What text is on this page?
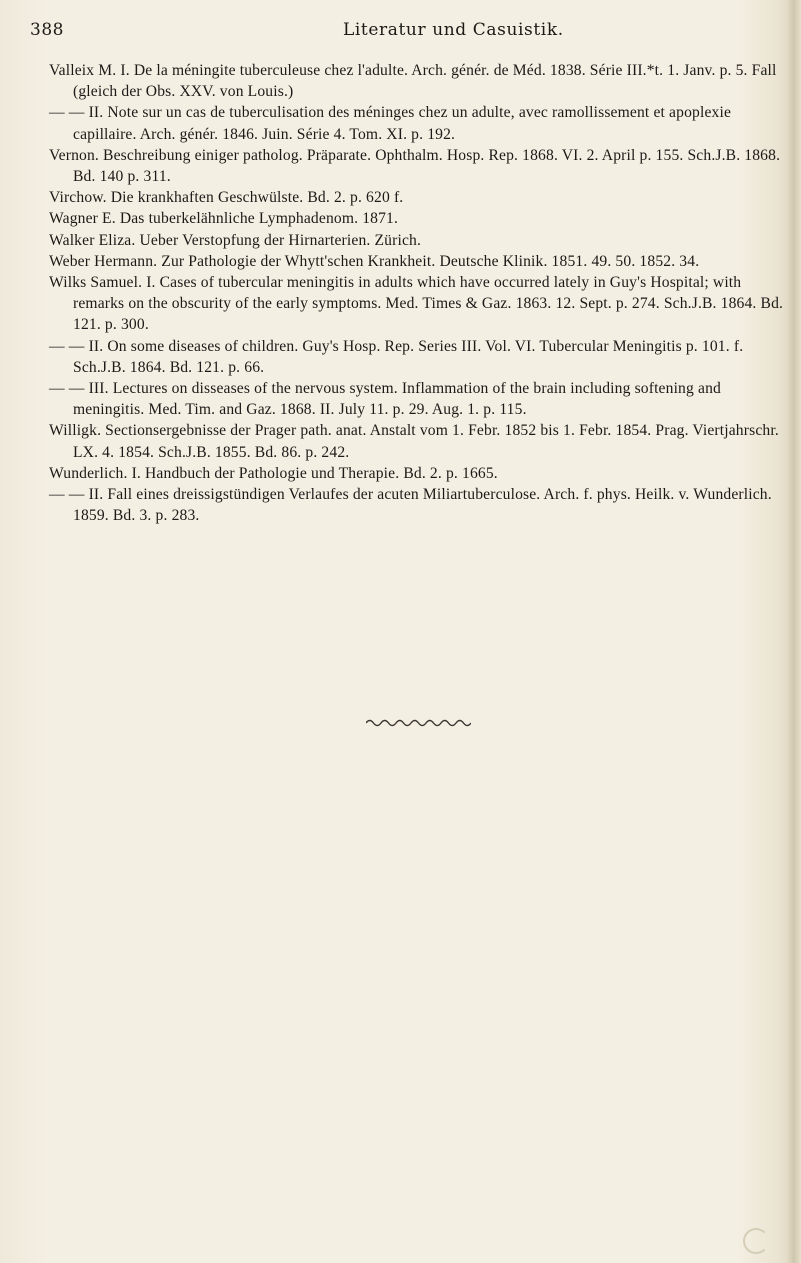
388	Literatur und Casuistik.

Valleix M. I. De la méningite tuberculeuse chez l'adulte. Arch. génér. de Méd. 1838. Série III.*t. 1. Janv. p. 5. Fall (gleich der Obs. XXV. von Louis.)

— — II. Note sur un cas de tuberculisation des méninges chez un adulte, avec ramollissement et apoplexie capillaire. Arch. génér. 1846. Juin. Série 4. Tom. XI. p. 192.

Vernon. Beschreibung einiger patholog. Präparate. Ophthalm. Hosp. Rep. 1868. VI. 2. April p. 155. Sch.J.B. 1868. Bd. 140 p. 311.

Virchow. Die krankhaften Geschwülste. Bd. 2. p. 620 f.

Wagner E. Das tuberkelähnliche Lymphadenom. 1871.

Walker Eliza. Ueber Verstopfung der Hirnarterien. Zürich.

Weber Hermann. Zur Pathologie der Whytt'schen Krankheit. Deutsche Klinik. 1851. 49. 50. 1852. 34.

Wilks Samuel. I. Cases of tubercular meningitis in adults which have occurred lately in Guy's Hospital; with remarks on the obscurity of the early symptoms. Med. Times & Gaz. 1863. 12. Sept. p. 274. Sch.J.B. 1864. Bd. 121. p. 300.

— — II. On some diseases of children. Guy's Hosp. Rep. Series III. Vol. VI. Tubercular Meningitis p. 101. f. Sch.J.B. 1864. Bd. 121. p. 66.

— — III. Lectures on disseases of the nervous system. Inflammation of the brain including softening and meningitis. Med. Tim. and Gaz. 1868. II. July 11. p. 29. Aug. 1. p. 115.

Willigk. Sectionsergebnisse der Prager path. anat. Anstalt vom 1. Febr. 1852 bis 1. Febr. 1854. Prag. Viertjahrschr. LX. 4. 1854. Sch.J.B. 1855. Bd. 86. p. 242.

Wunderlich. I. Handbuch der Pathologie und Therapie. Bd. 2. p. 1665.

— — II. Fall eines dreissigstündigen Verlaufes der acuten Miliartuberculose. Arch. f. phys. Heilk. v. Wunderlich. 1859. Bd. 3. p. 283.
